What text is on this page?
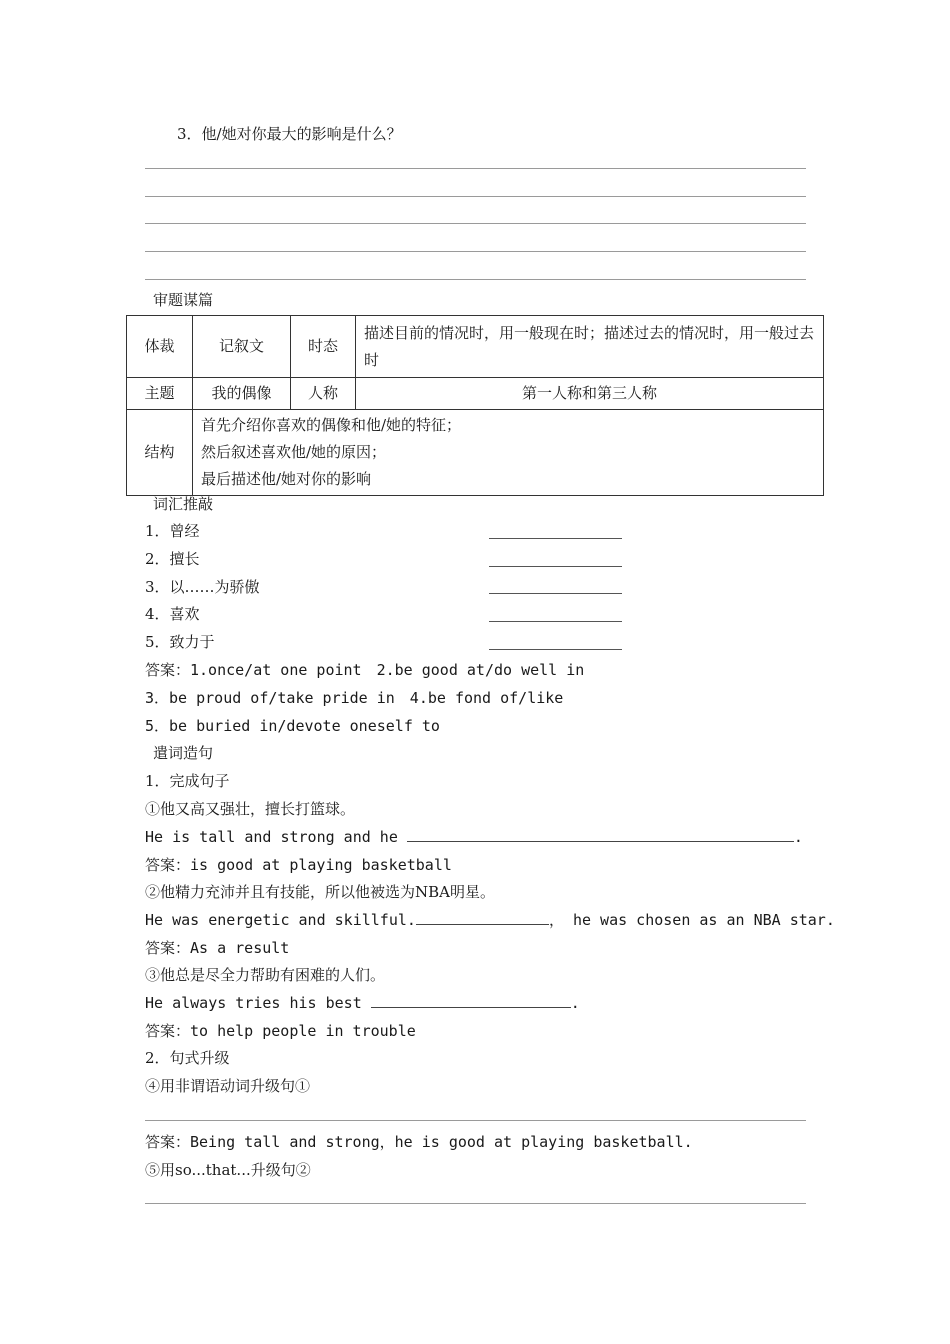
3．他/她对你最大的影响是什么？
审题谋篇
体裁	记叙文	时态	描述目前的情况时，用一般现在时；描述过去的情况时，用一般过去时
主题	我的偶像	人称	第一人称和第三人称
结构	首先介绍你喜欢的偶像和他/她的特征；
然后叙述喜欢他/她的原因；
最后描述他/她对你的影响		
词汇推敲
1．曾经
2．擅长
3．以……为骄傲
4．喜欢
5．致力于
答案：1.once/at one point　2.be good at/do well in
3．be proud of/take pride in　4.be fond of/like
5．be buried in/devote oneself to
遣词造句
1．完成句子
①他又高又强壮，擅长打篮球。
He is tall and strong and he	.
答案：is good at playing basketball
②他精力充沛并且有技能，所以他被选为NBA明星。
He was energetic and skillful.	， he was chosen as an NBA star.
答案：As a result
③他总是尽全力帮助有困难的人们。
He always tries his best	.
答案：to help people in trouble
2．句式升级
④用非谓语动词升级句①
答案：Being tall and strong，he is good at playing basketball.
⑤用so...that...升级句②
